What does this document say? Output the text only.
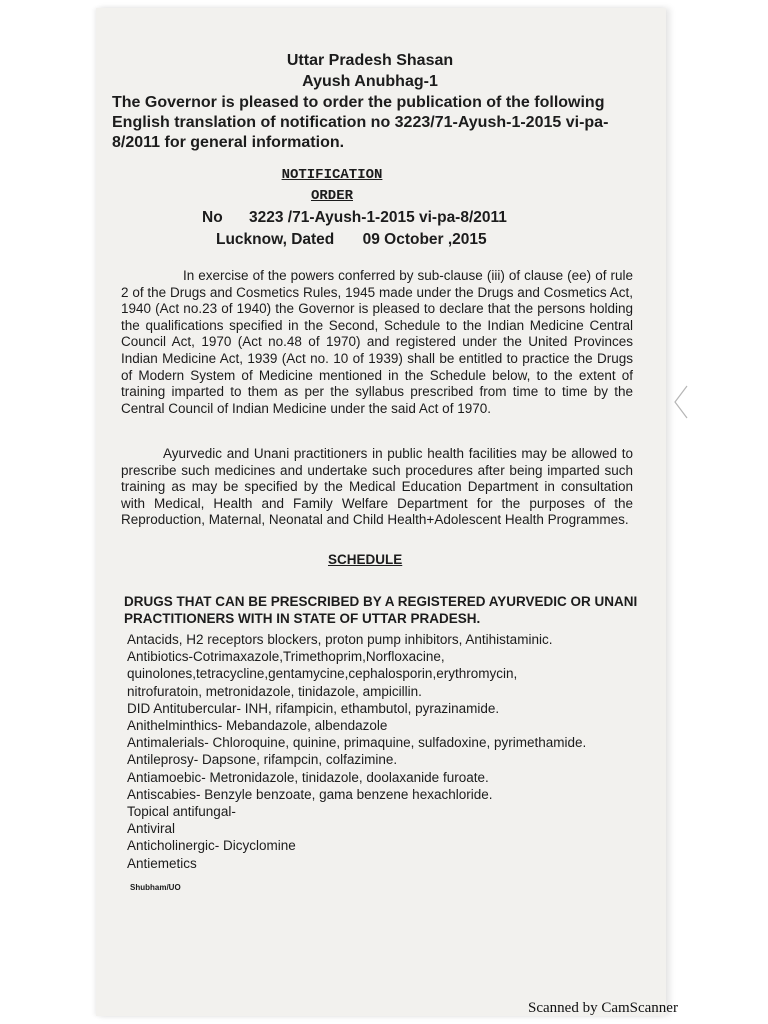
Uttar Pradesh Shasan
Ayush Anubhag-1
The Governor is pleased to order the publication of the following English translation of notification no 3223/71-Ayush-1-2015 vi-pa-8/2011 for general information.
NOTIFICATION
ORDER
No 3223 /71-Ayush-1-2015 vi-pa-8/2011
Lucknow, Dated 09 October ,2015
In exercise of the powers conferred by sub-clause (iii) of clause (ee) of rule 2 of the Drugs and Cosmetics Rules, 1945 made under the Drugs and Cosmetics Act, 1940 (Act no.23 of 1940) the Governor is pleased to declare that the persons holding the qualifications specified in the Second, Schedule to the Indian Medicine Central Council Act, 1970 (Act no.48 of 1970) and registered under the United Provinces Indian Medicine Act, 1939 (Act no. 10 of 1939) shall be entitled to practice the Drugs of Modern System of Medicine mentioned in the Schedule below, to the extent of training imparted to them as per the syllabus prescribed from time to time by the Central Council of Indian Medicine under the said Act of 1970.
Ayurvedic and Unani practitioners in public health facilities may be allowed to prescribe such medicines and undertake such procedures after being imparted such training as may be specified by the Medical Education Department in consultation with Medical, Health and Family Welfare Department for the purposes of the Reproduction, Maternal, Neonatal and Child Health+Adolescent Health Programmes.
SCHEDULE
DRUGS THAT CAN BE PRESCRIBED BY A REGISTERED AYURVEDIC OR UNANI PRACTITIONERS WITH IN STATE OF UTTAR PRADESH.
Antacids, H2 receptors blockers, proton pump inhibitors, Antihistaminic.
Antibiotics-Cotrimaxazole,Trimethoprim,Norfloxacine,
quinolones,tetracycline,gentamycine,cephalosporin,erythromycin,
nitrofuratoin, metronidazole, tinidazole, ampicillin.
DID Antitubercular- INH, rifampicin, ethambutol, pyrazinamide.
Anithelminthics- Mebandazole, albendazole
Antimalerials- Chloroquine, quinine, primaquine, sulfadoxine, pyrimethamide.
Antileprosy- Dapsone, rifampcin, colfazimine.
Antiamoebic- Metronidazole, tinidazole, doolaxanide furoate.
Antiscabies- Benzyle benzoate, gama benzene hexachloride.
Topical antifungal-
Antiviral
Anticholinergic- Dicyclomine
Antiemetics
Shubham/UO
Scanned by CamScanner
